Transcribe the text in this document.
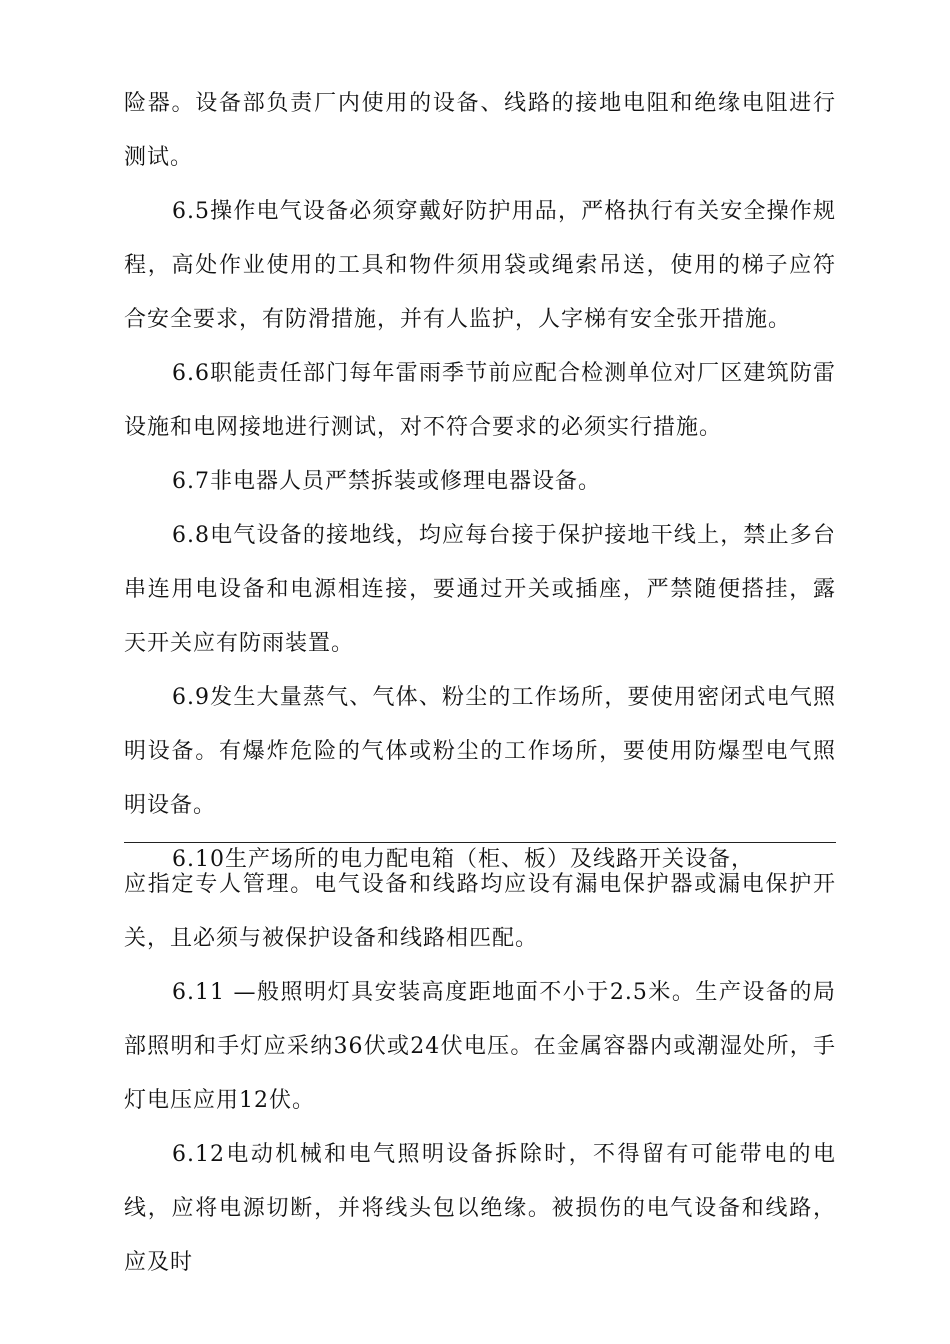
险器。设备部负责厂内使用的设备、线路的接地电阻和绝缘电阻进行测试。

6.5操作电气设备必须穿戴好防护用品，严格执行有关安全操作规程，高处作业使用的工具和物件须用袋或绳索吊送，使用的梯子应符合安全要求，有防滑措施，并有人监护，人字梯有安全张开措施。

6.6职能责任部门每年雷雨季节前应配合检测单位对厂区建筑防雷设施和电网接地进行测试，对不符合要求的必须实行措施。

6.7非电器人员严禁拆装或修理电器设备。

6.8电气设备的接地线，均应每台接于保护接地干线上，禁止多台串连用电设备和电源相连接，要通过开关或插座，严禁随便搭挂，露天开关应有防雨装置。

6.9发生大量蒸气、气体、粉尘的工作场所，要使用密闭式电气照明设备。有爆炸危险的气体或粉尘的工作场所，要使用防爆型电气照明设备。

6.10生产场所的电力配电箱（柜、板）及线路开关设备，

应指定专人管理。电气设备和线路均应设有漏电保护器或漏电保护开关，且必须与被保护设备和线路相匹配。

6.11 —般照明灯具安装高度距地面不小于2.5米。生产设备的局部照明和手灯应采纳36伏或24伏电压。在金属容器内或潮湿处所，手灯电压应用12伏。

6.12电动机械和电气照明设备拆除时，不得留有可能带电的电线，应将电源切断，并将线头包以绝缘。被损伤的电气设备和线路，应及时
